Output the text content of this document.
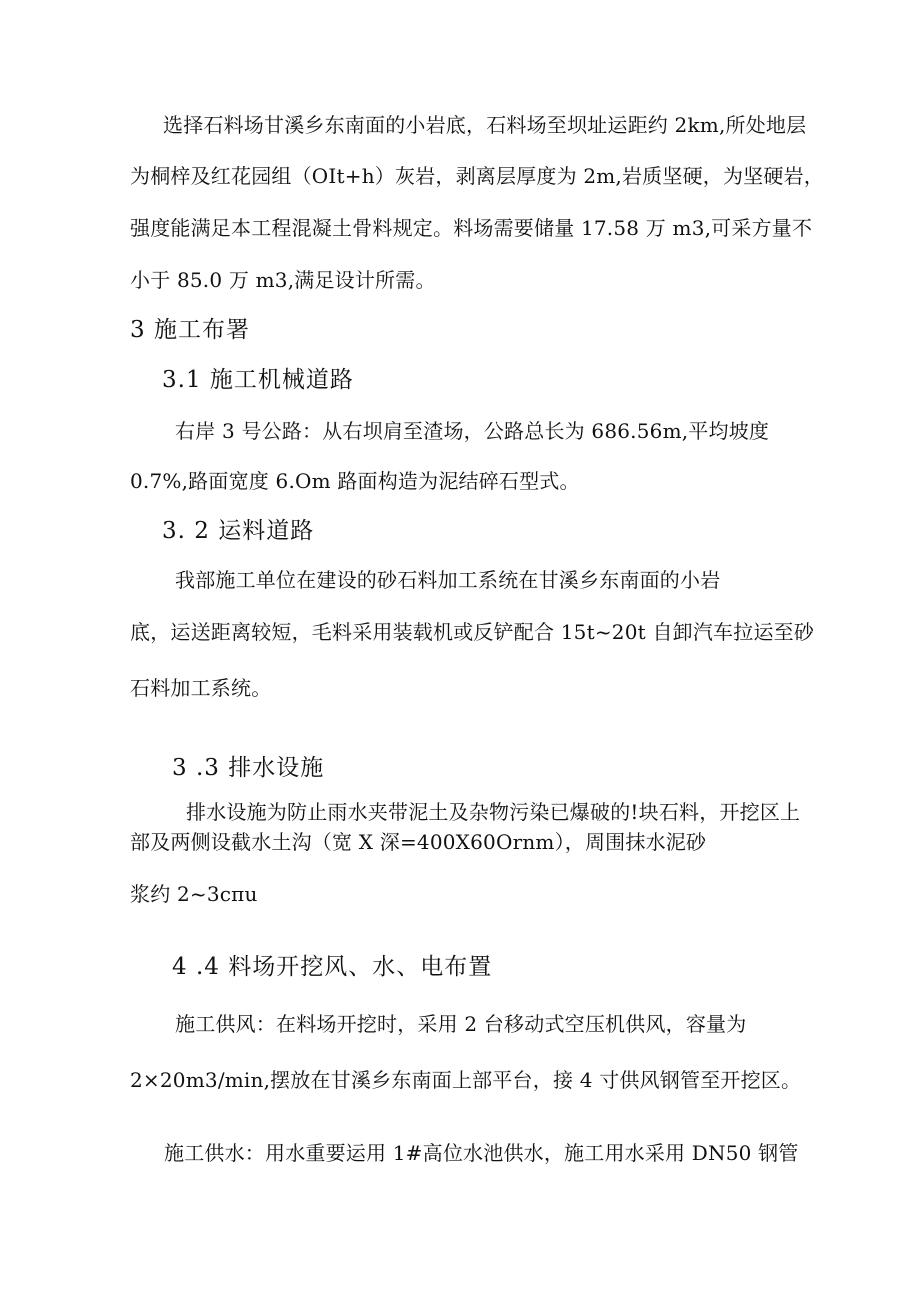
选择石料场甘溪乡东南面的小岩底，石料场至坝址运距约 2km,所处地层
为桐梓及红花园组（OIt+h）灰岩，剥离层厚度为 2m,岩质坚硬，为坚硬岩，
强度能满足本工程混凝土骨料规定。料场需要储量 17.58 万 m3,可采方量不
小于 85.0 万 m3,满足设计所需。
3 施工布署
3.1 施工机械道路
右岸 3 号公路：从右坝肩至渣场，公路总长为 686.56m,平均坡度
0.7%,路面宽度 6.Om 路面构造为泥结碎石型式。
3. 2 运料道路
我部施工单位在建设的砂石料加工系统在甘溪乡东南面的小岩
底，运送距离较短，毛料采用装载机或反铲配合 15t~20t 自卸汽车拉运至砂
石料加工系统。
3 .3 排水设施
排水设施为防止雨水夹带泥土及杂物污染已爆破的!块石料，开挖区上
部及两侧设截水土沟（宽 X 深=400X60Ornm），周围抹水泥砂
浆约 2~3cπu
4 .4 料场开挖风、水、电布置
施工供风：在料场开挖时，采用 2 台移动式空压机供风，容量为
2×20m3∕min,摆放在甘溪乡东南面上部平台，接 4 寸供风钢管至开挖区。
施工供水：用水重要运用 1#高位水池供水，施工用水采用 DN50 钢管
